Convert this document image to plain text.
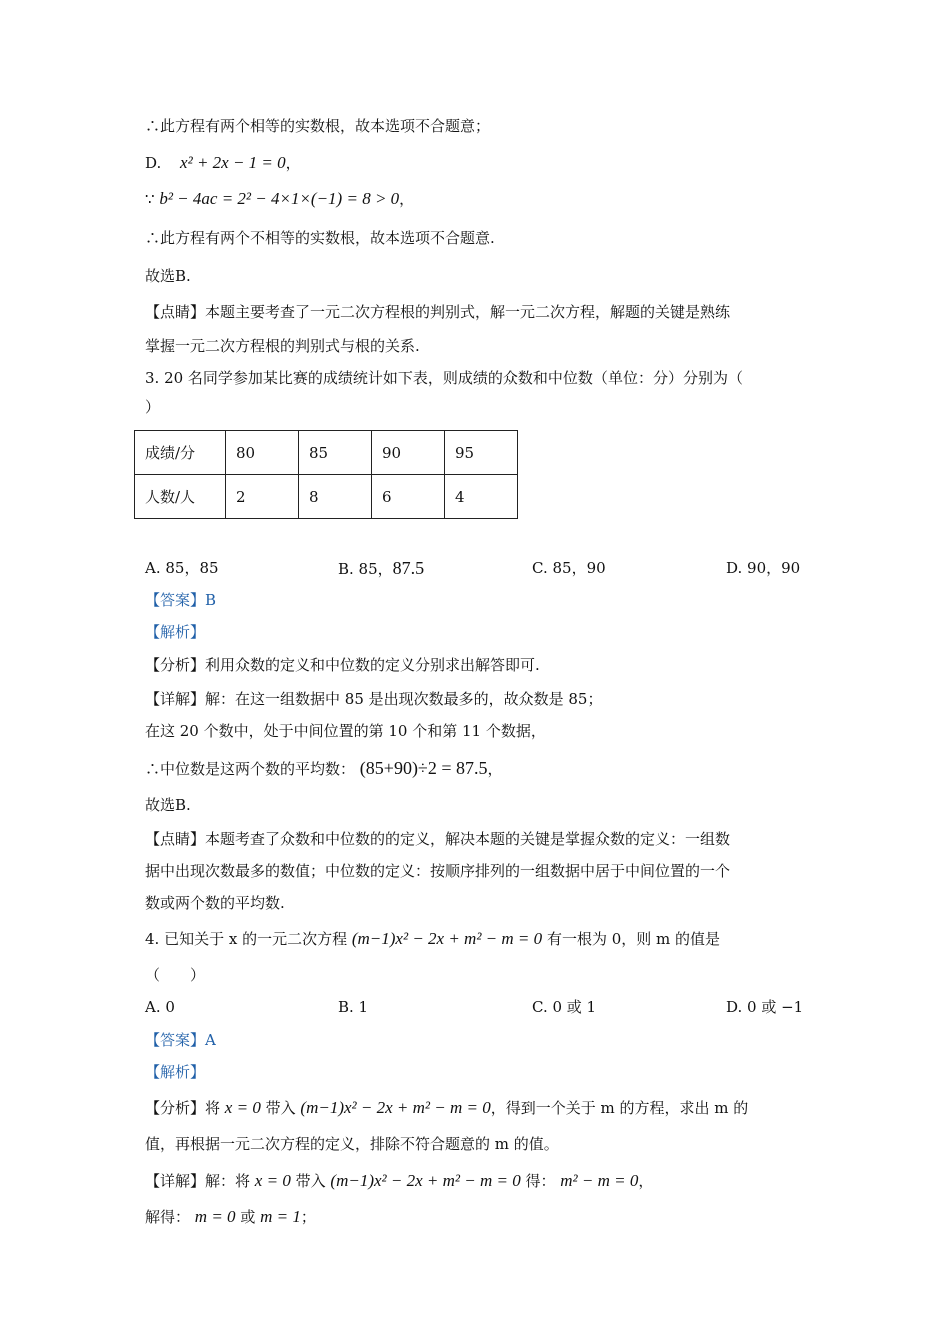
∴此方程有两个相等的实数根，故本选项不合题意；
D. x² + 2x − 1 = 0，
∵ b² − 4ac = 2² − 4×1×(−1) = 8 > 0，
∴此方程有两个不相等的实数根，故本选项不合题意.
故选B.
【点睛】本题主要考查了一元二次方程根的判别式，解一元二次方程，解题的关键是熟练
掌握一元二次方程根的判别式与根的关系.
3. 20 名同学参加某比赛的成绩统计如下表，则成绩的众数和中位数（单位：分）分别为（
）
成绩/分	80	85	90	95
人数/人	2	8	6	4
A. 85，85	B. 85，87.5	C. 85，90	D. 90，90
【答案】B
【解析】
【分析】利用众数的定义和中位数的定义分别求出解答即可.
【详解】解：在这一组数据中 85 是出现次数最多的，故众数是 85；
在这 20 个数中，处于中间位置的第 10 个和第 11 个数据，
∴中位数是这两个数的平均数： (85+90)÷2 = 87.5，
故选B.
【点睛】本题考查了众数和中位数的的定义，解决本题的关键是掌握众数的定义：一组数
据中出现次数最多的数值；中位数的定义：按顺序排列的一组数据中居于中间位置的一个
数或两个数的平均数.
4. 已知关于 x 的一元二次方程 (m−1)x² − 2x + m² − m = 0 有一根为 0，则 m 的值是
（　　）
A. 0	B. 1	C. 0 或 1	D. 0 或 −1
【答案】A
【解析】
【分析】将 x = 0 带入 (m−1)x² − 2x + m² − m = 0，得到一个关于 m 的方程，求出 m 的
值，再根据一元二次方程的定义，排除不符合题意的 m 的值。
【详解】解：将 x = 0 带入 (m−1)x² − 2x + m² − m = 0 得： m² − m = 0，
解得： m = 0 或 m = 1；
